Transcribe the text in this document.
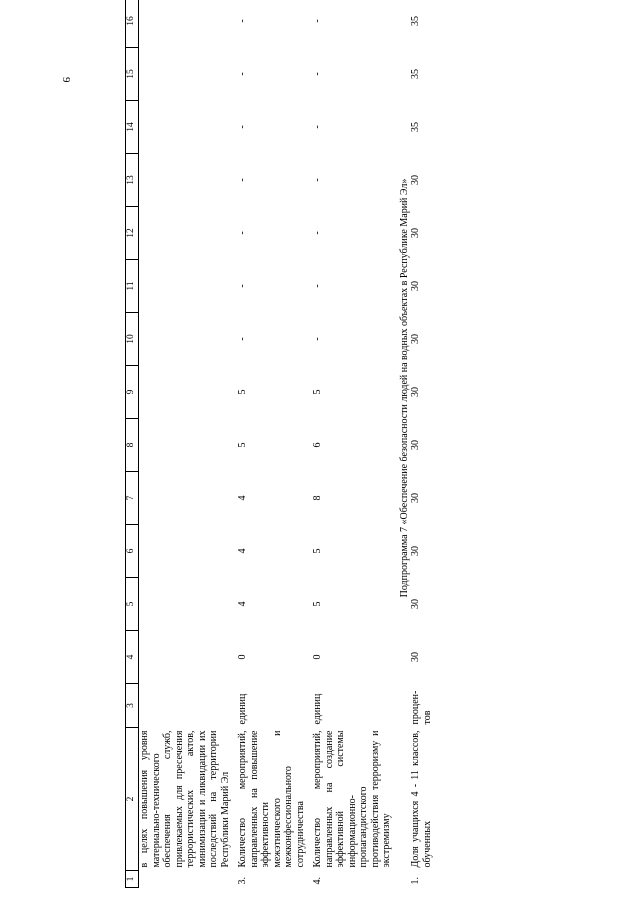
9
1	2	3	4	5	6	7	8	9	10	11	12	13	14	15	16		
	в целях повышения уровня материально-технического обеспечения служб, привлекаемых для пресечения террористических актов, минимизации и ликвидации их последствий на территории Республики Марий Эл																

3.	Количество мероприятий, направленных на повышение эффективности межэтнического и межконфессионального сотрудничества	единиц	0	4	4	4	5	5	-	-	-	-	-	-	-		

4.	Количество мероприятий, направленных на создание эффективной системы информационно-пропагандистского противодействия терроризму и экстремизму	единиц	0	5	5	8	6	5	-	-	-	-	-	-	-		

Подпрограмма 7 «Обеспечение безопасности людей на водных объектах в Республике Марий Эл»																	
1.	Доля учащихся 4 - 11 классов, обученных	процен-тов	30	30	30	30	30	30	30	30	30	30	35	35	35		
